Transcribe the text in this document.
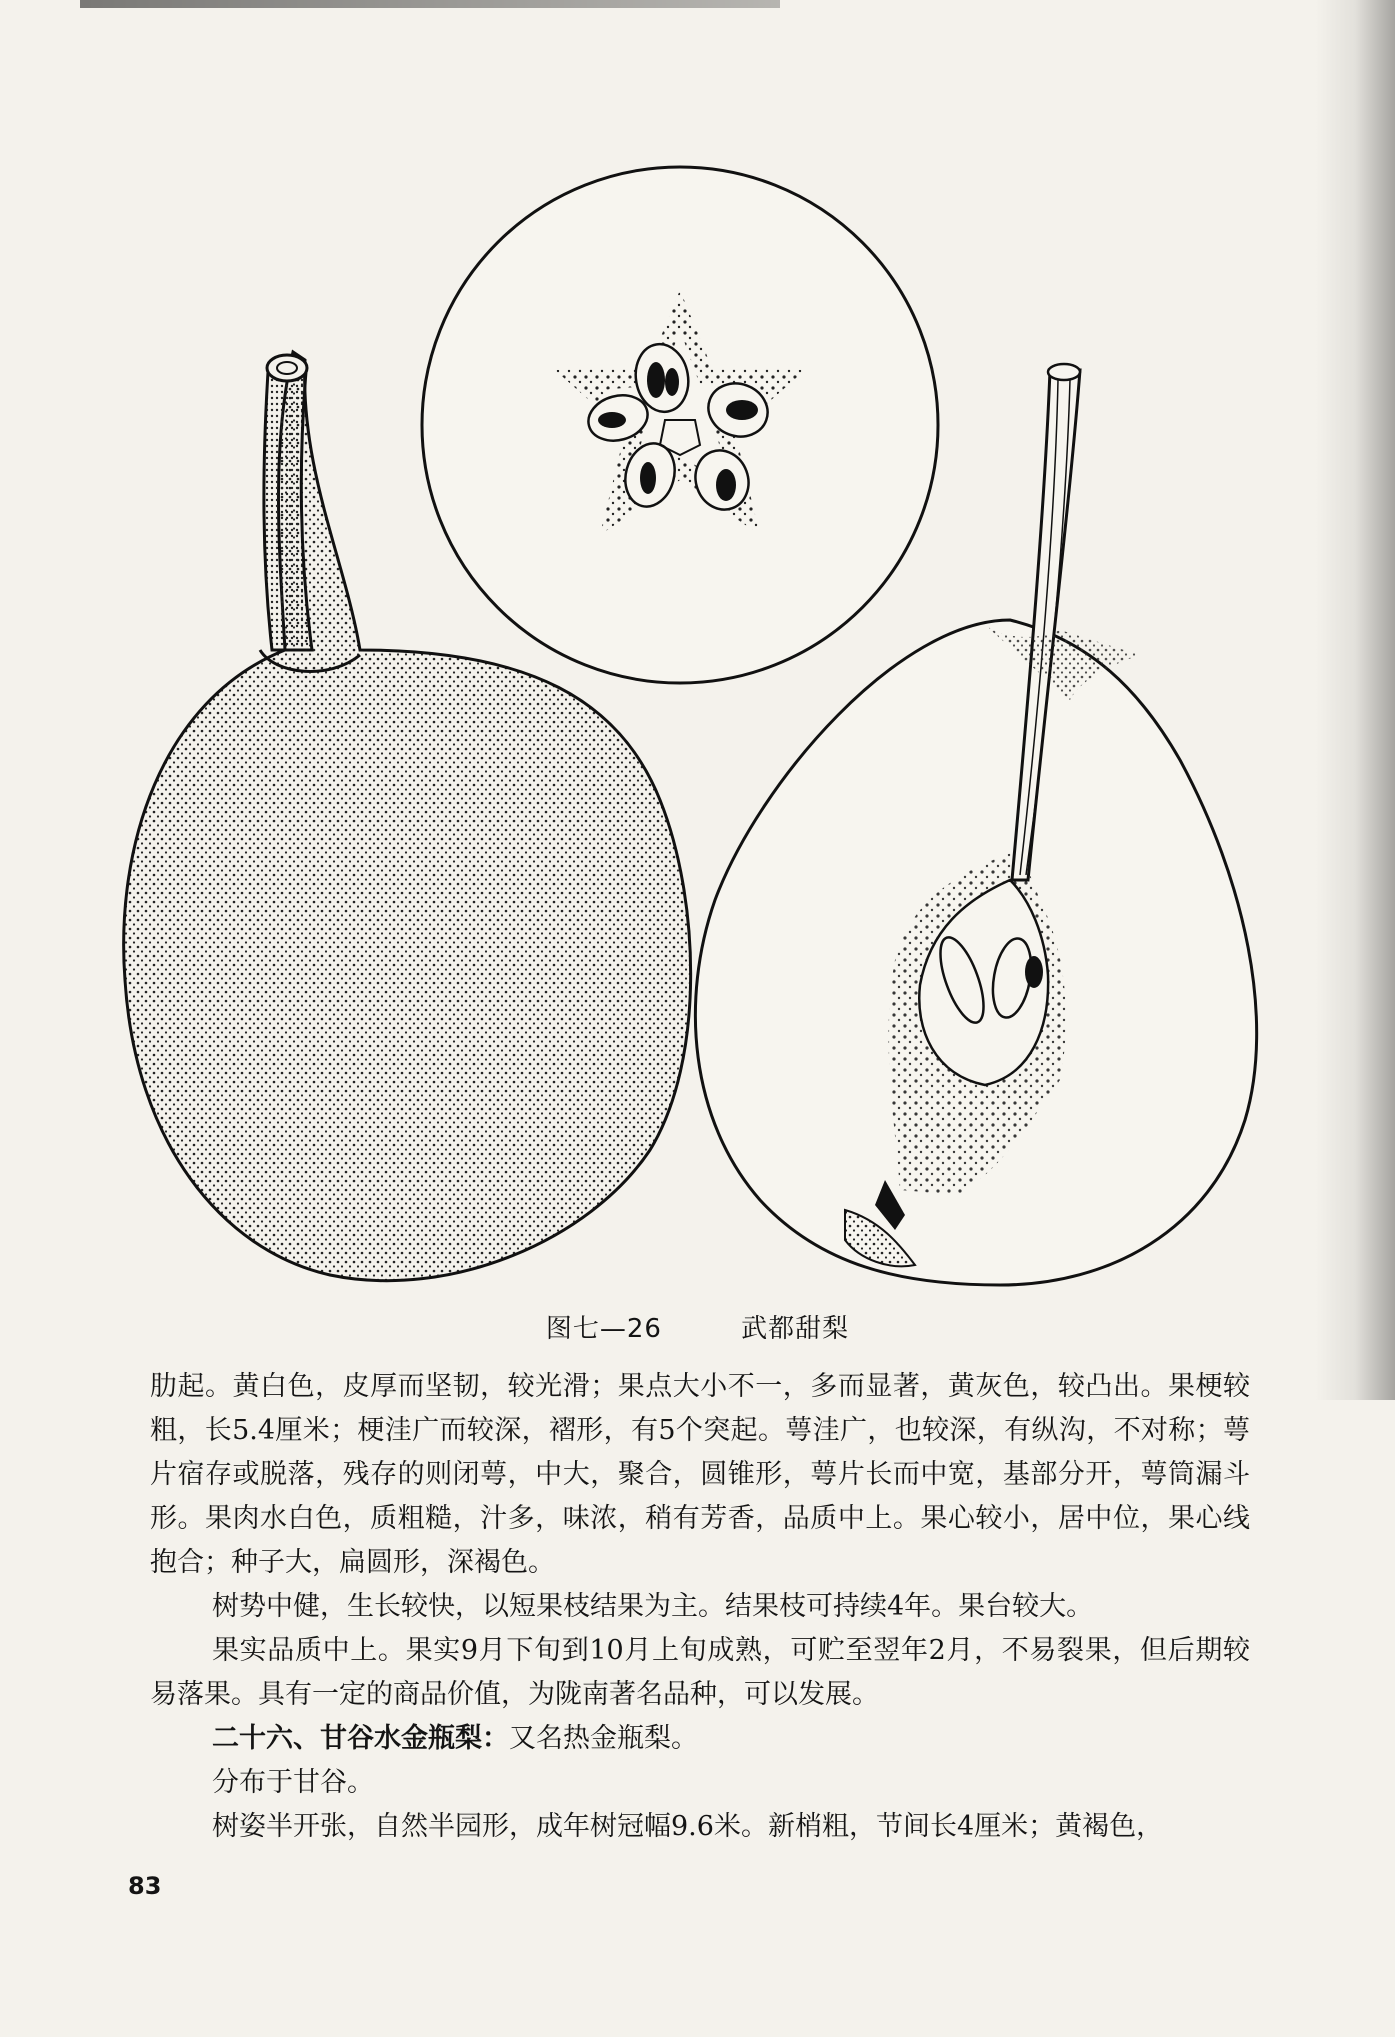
图七—26	武都甜梨

肋起。黄白色，皮厚而坚韧，较光滑；果点大小不一，多而显著，黄灰色，较凸出。果梗较粗，长5.4厘米；梗洼广而较深，褶形，有5个突起。萼洼广，也较深，有纵沟，不对称；萼片宿存或脱落，残存的则闭萼，中大，聚合，圆锥形，萼片长而中宽，基部分开，萼筒漏斗形。果肉水白色，质粗糙，汁多，味浓，稍有芳香，品质中上。果心较小，居中位，果心线抱合；种子大，扁圆形，深褐色。

树势中健，生长较快，以短果枝结果为主。结果枝可持续4年。果台较大。

果实品质中上。果实9月下旬到10月上旬成熟，可贮至翌年2月，不易裂果，但后期较易落果。具有一定的商品价值，为陇南著名品种，可以发展。

二十六、甘谷水金瓶梨：又名热金瓶梨。

分布于甘谷。

树姿半开张，自然半园形，成年树冠幅9.6米。新梢粗，节间长4厘米；黄褐色，

83
